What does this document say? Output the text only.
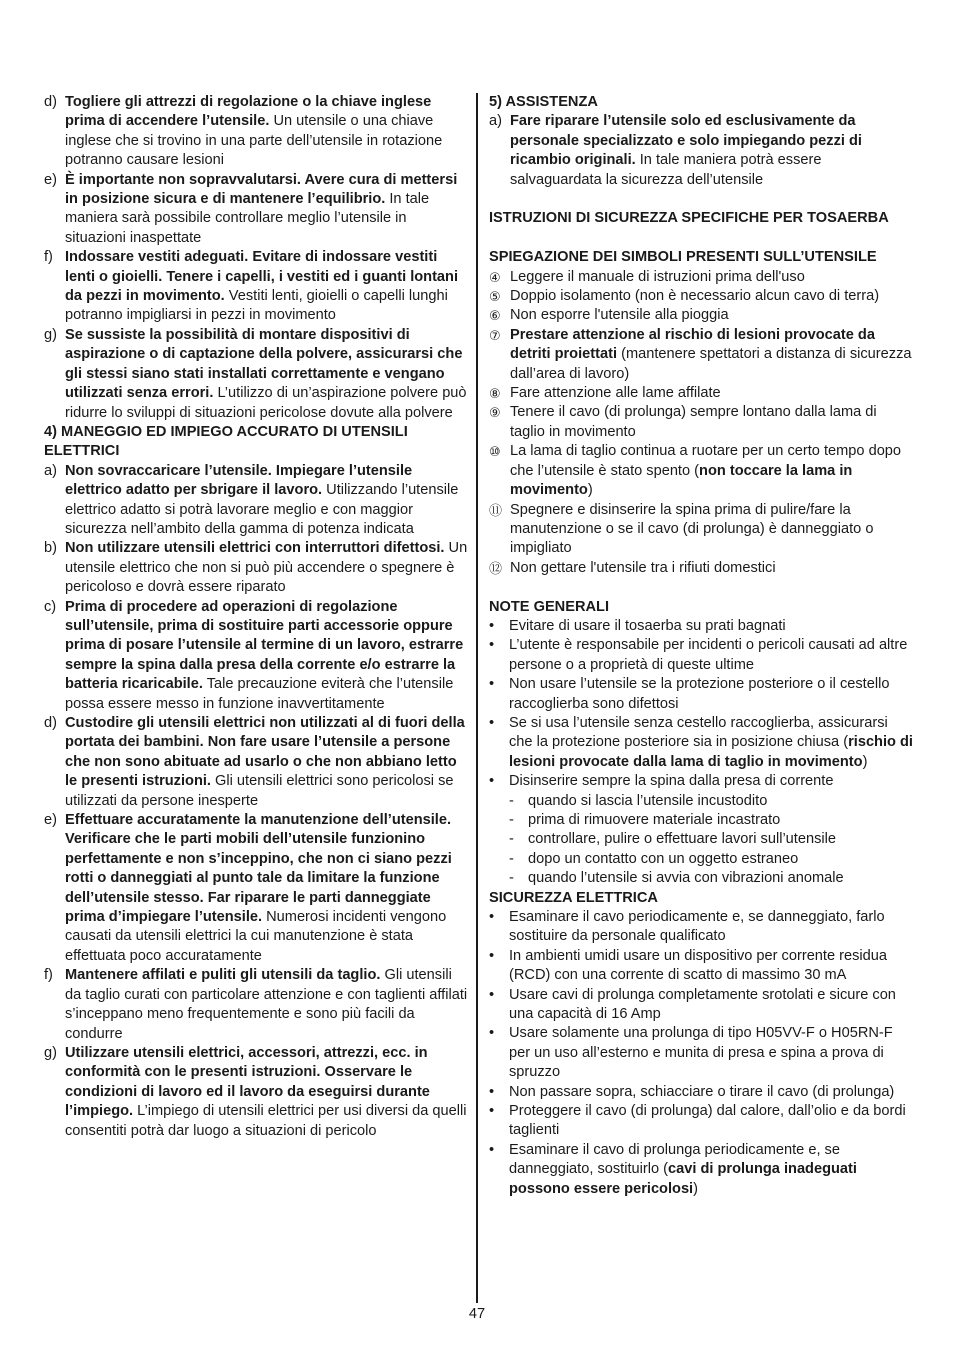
d) Togliere gli attrezzi di regolazione o la chiave inglese prima di accendere l’utensile. Un utensile o una chiave inglese che si trovino in una parte dell’utensile in rotazione potranno causare lesioni
e) È importante non sopravvalutarsi. Avere cura di mettersi in posizione sicura e di mantenere l’equilibrio. In tale maniera sarà possibile controllare meglio l’utensile in situazioni inaspettate
f) Indossare vestiti adeguati. Evitare di indossare vestiti lenti o gioielli. Tenere i capelli, i vestiti ed i guanti lontani da pezzi in movimento. Vestiti lenti, gioielli o capelli lunghi potranno impigliarsi in pezzi in movimento
g) Se sussiste la possibilità di montare dispositivi di aspirazione o di captazione della polvere, assicurarsi che gli stessi siano stati installati correttamente e vengano utilizzati senza errori. L’utilizzo di un’aspirazione polvere può ridurre lo sviluppi di situazioni pericolose dovute alla polvere
4) MANEGGIO ED IMPIEGO ACCURATO DI UTENSILI ELETTRICI
a) Non sovraccaricare l’utensile. Impiegare l’utensile elettrico adatto per sbrigare il lavoro. Utilizzando l’utensile elettrico adatto si potrà lavorare meglio e con maggior sicurezza nell’ambito della gamma di potenza indicata
b) Non utilizzare utensili elettrici con interruttori difettosi. Un utensile elettrico che non si può più accendere o spegnere è pericoloso e dovrà essere riparato
c) Prima di procedere ad operazioni di regolazione sull’utensile, prima di sostituire parti accessorie oppure prima di posare l’utensile al termine di un lavoro, estrarre sempre la spina dalla presa della corrente e/o estrarre la batteria ricaricabile. Tale precauzione eviterà che l’utensile possa essere messo in funzione inavvertitamente
d) Custodire gli utensili elettrici non utilizzati al di fuori della portata dei bambini. Non fare usare l’utensile a persone che non sono abituate ad usarlo o che non abbiano letto le presenti istruzioni. Gli utensili elettrici sono pericolosi se utilizzati da persone inesperte
e) Effettuare accuratamente la manutenzione dell’utensile. Verificare che le parti mobili dell’utensile funzionino perfettamente e non s’inceppino, che non ci siano pezzi rotti o danneggiati al punto tale da limitare la funzione dell’utensile stesso. Far riparare le parti danneggiate prima d’impiegare l’utensile. Numerosi incidenti vengono causati da utensili elettrici la cui manutenzione è stata effettuata poco accuratamente
f) Mantenere affilati e puliti gli utensili da taglio. Gli utensili da taglio curati con particolare attenzione e con taglienti affilati s’inceppano meno frequentemente e sono più facili da condurre
g) Utilizzare utensili elettrici, accessori, attrezzi, ecc. in conformità con le presenti istruzioni. Osservare le condizioni di lavoro ed il lavoro da eseguirsi durante l’impiego. L’impiego di utensili elettrici per usi diversi da quelli consentiti potrà dar luogo a situazioni di pericolo
5) ASSISTENZA
a) Fare riparare l’utensile solo ed esclusivamente da personale specializzato e solo impiegando pezzi di ricambio originali. In tale maniera potrà essere salvaguardata la sicurezza dell’utensile
ISTRUZIONI DI SICUREZZA SPECIFICHE PER TOSAERBA
SPIEGAZIONE DEI SIMBOLI PRESENTI SULL’UTENSILE
④ Leggere il manuale di istruzioni prima dell'uso
⑤ Doppio isolamento (non è necessario alcun cavo di terra)
⑥ Non esporre l'utensile alla pioggia
⑦ Prestare attenzione al rischio di lesioni provocate da detriti proiettati (mantenere spettatori a distanza di sicurezza dall’area di lavoro)
⑧ Fare attenzione alle lame affilate
⑨ Tenere il cavo (di prolunga) sempre lontano dalla lama di taglio in movimento
⑩ La lama di taglio continua a ruotare per un certo tempo dopo che l’utensile è stato spento (non toccare la lama in movimento)
⑪ Spegnere e disinserire la spina prima di pulire/fare la manutenzione o se il cavo (di prolunga) è danneggiato o impigliato
⑫ Non gettare l'utensile tra i rifiuti domestici
NOTE GENERALI
• Evitare di usare il tosaerba su prati bagnati
• L’utente è responsabile per incidenti o pericoli causati ad altre persone o a proprietà di queste ultime
• Non usare l’utensile se la protezione posteriore o il cestello raccoglierba sono difettosi
• Se si usa l’utensile senza cestello raccoglierba, assicurarsi che la protezione posteriore sia in posizione chiusa (rischio di lesioni provocate dalla lama di taglio in movimento)
• Disinserire sempre la spina dalla presa di corrente
- quando si lascia l’utensile incustodito
- prima di rimuovere materiale incastrato
- controllare, pulire o effettuare lavori sull’utensile
- dopo un contatto con un oggetto estraneo
- quando l’utensile si avvia con vibrazioni anomale
SICUREZZA ELETTRICA
• Esaminare il cavo periodicamente e, se danneggiato, farlo sostituire da personale qualificato
• In ambienti umidi usare un dispositivo per corrente residua (RCD) con una corrente di scatto di massimo 30 mA
• Usare cavi di prolunga completamente srotolati e sicure con una capacità di 16 Amp
• Usare solamente una prolunga di tipo H05VV-F o H05RN-F per un uso all’esterno e munita di presa e spina a prova di spruzzo
• Non passare sopra, schiacciare o tirare il cavo (di prolunga)
• Proteggere il cavo (di prolunga) dal calore, dall’olio e da bordi taglienti
• Esaminare il cavo di prolunga periodicamente e, se danneggiato, sostituirlo (cavi di prolunga inadeguati possono essere pericolosi)
47
